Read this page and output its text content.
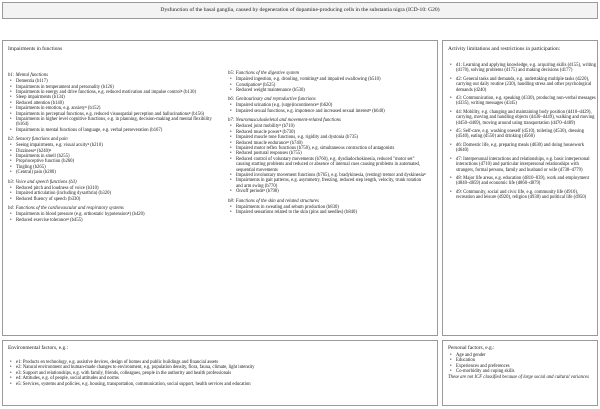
Dysfunction of the basal ganglia, caused by degeneration of dopamine-producing cells in the substantia nigra (ICD-10: G20)
Impairments in functions
b1: Mental functions
• Dementia (b117)
• Impairments in temperament and personality (b126)
• Impairments in energy and drive functions, e.g. reduced motivation and impulse control⁸ (b130)
• Sleep impairments (b134)
• Reduced attention (b140)
• Impairments in emotion, e.g. anxiety⁸ (b152)
• Impairments in perceptual functions, e.g. reduced visuospatial perception and hallucinations⁸ (b156)
• Impairments in higher level cognitive functions, e.g. in planning, decision-making and mental flexibility (b164)
• Impairments in mental functions of language, e.g. verbal perseveration (b167)
b2: Sensory functions and pain
• Seeing impairments, e.g. visual acuity⁸ (b210)
• Dizziness⁸ (b240)⁸
• Impairments in smell (b255)
• Proprioceptive function (b260)
• Tingling (b265)
• (Central) pain (b280)
b3: Voice and speech functions (b3)
• Reduced pitch and loudness of voice (b310)
• Impaired articulation (including dysarthria) (b320)
• Reduced fluency of speech (b330)
b4: Functions of the cardiovascular and respiratory systems
• Impairments in blood pressure (e.g. orthostatic hypotension⁸) (b420)
• Reduced exercise tolerance⁸ (b455)
b5: Functions of the digestive system
• Impaired ingestion, e.g. drooling, vomiting⁸ and impaired swallowing (b510)
• Constipation⁸ (b525)
• Reduced weight maintenance (b530)
b6: Genitourinary and reproductive functions
• Impaired urination (e.g. (urge)incontinence⁸ (b620)
• Impaired sexual functions, e.g. impotence and increased sexual interest⁸ (b640)
b7: Neuromusculoskeletal and movement-related functions
• Reduced joint mobility⁸ (b710)
• Reduced muscle power⁸ (b730)
• Impaired muscle tone functions, e.g. rigidity and dystonia (b735)
• Reduced muscle endurance⁸ (b740)
• Impaired motor reflex functions (b750), e.g. simultaneous contraction of antagonists
• Reduced postural responses (b755)
• Reduced control of voluntary movements (b760), e.g. dysdiadochokinesia, reduced "motor set" causing starting problems and reduced or absence of internal cues causing problems in automated, sequential movements
• Impaired involuntary movement functions (b765), e.g. bradykinesia, (resting) tremor and dyskinesia⁸
• Impairments in gait patterns, e.g. asymmetry, freezing, reduced step length, velocity, trunk rotation and arm swing (b770)
• On/off periods⁸ (b798)
b8: Functions of the skin and related structures
• Impairments in sweating and sebum production (b830)
• Impaired sensations related to the skin (pins and needles) (b840)
Activity limitations and restrictions in participation:
• d1: Learning and applying knowledge, e.g. acquiring skills (d155), writing (d170), solving problems (d175) and making decisions (d177)
• d2: General tasks and demands, e.g. undertaking multiple tasks (d220), carrying out daily routine (230), handling stress and other psychological demands (d240)
• d3: Communication, e.g. speaking (d330), producing non-verbal messages (d335), writing messages (d345)
• d4: Mobility, e.g. changing and maintaining body position (d410–d429), carrying, moving and handling objects (d430–d449), walking and moving (d450–d469), moving around using transportation (d470–d489)
• d5: Self-care, e.g. washing oneself (d510), toileting (d530), dressing (d540), eating (d550) and drinking (d560)
• d6: Domestic life, e.g. preparing meals (d630) and doing housework (d640)
• d7: Interpersonal interactions and relationships, e.g. basic interpersonal interactions (d710) and particular interpersonal relationships with strangers, formal persons, family and husband or wife (d730–d779)
• d8: Major life areas, e.g. education (d810–839), work and employment (d840–d859) and economic life (d860–d879)
• d9: Community, social and civic life, e.g. community life (d910), recreation and leisure (d920), religion (d930) and political life (d950)
Environmental factors, e.g.:
• e1: Products en technology, e.g. assistive devices, design of homes and public buildings and financial assets
• e2: Natural environment and human-made changes to environment, e.g. population density, flora, fauna, climate, light intensity
• e3: Support and relationships, e.g. with family, friends, colleagues, people in the authority and health professionals
• e4: Attitudes, e.g. of people, social attitudes and norms
• e5: Services, systems and policies, e.g. housing, transportation, communication, social support, health services and education
Personal factors, e.g.:
• Age and gender
• Education
• Experiences and preferences
• Co-morbidity and coping skills
These are not ICF classified because of large social and cultural variances
